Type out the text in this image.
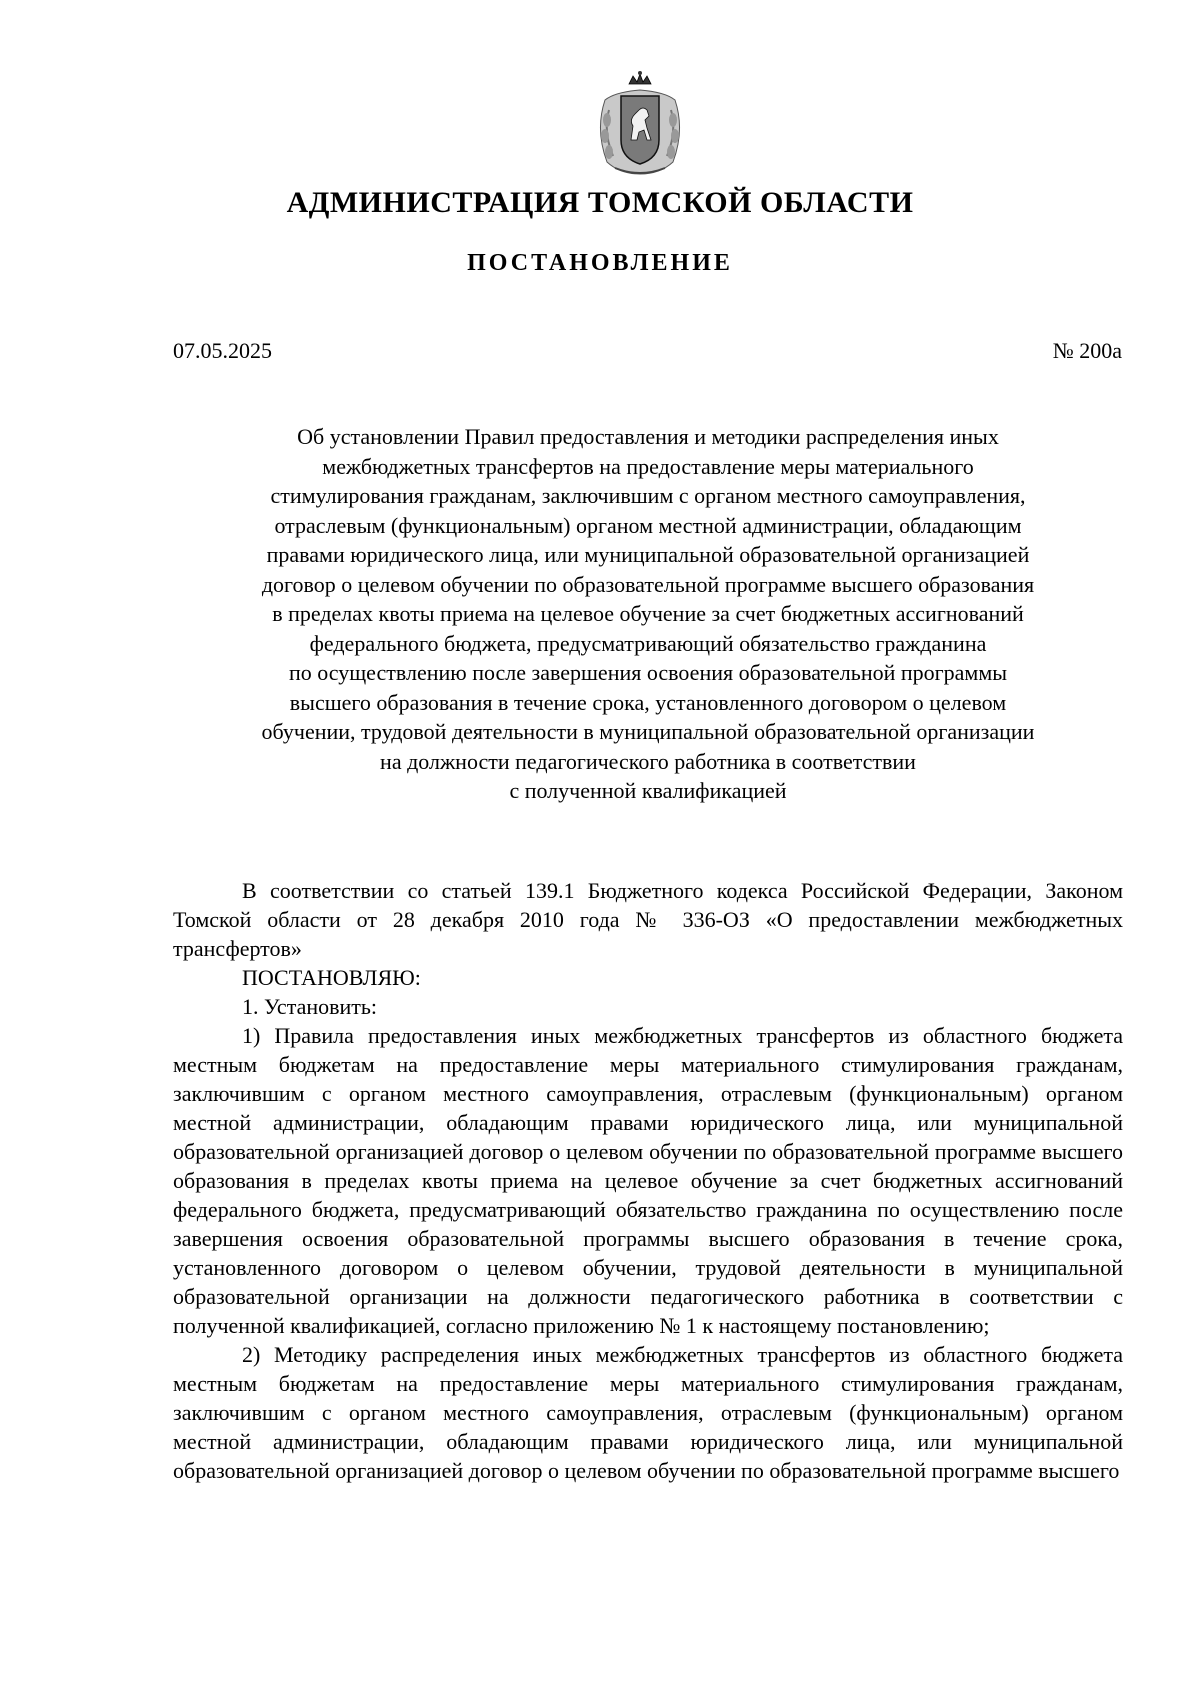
АДМИНИСТРАЦИЯ ТОМСКОЙ ОБЛАСТИ
ПОСТАНОВЛЕНИЕ
07.05.2025	№ 200а
Об установлении Правил предоставления и методики распределения иных
межбюджетных трансфертов на предоставление меры материального
стимулирования гражданам, заключившим с органом местного самоуправления,
отраслевым (функциональным) органом местной администрации, обладающим
правами юридического лица, или муниципальной образовательной организацией
договор о целевом обучении по образовательной программе высшего образования
в пределах квоты приема на целевое обучение за счет бюджетных ассигнований
федерального бюджета, предусматривающий обязательство гражданина
по осуществлению после завершения освоения образовательной программы
высшего образования в течение срока, установленного договором о целевом
обучении, трудовой деятельности в муниципальной образовательной организации
на должности педагогического работника в соответствии
с полученной квалификацией

В соответствии со статьей 139.1 Бюджетного кодекса Российской Федерации, Законом Томской области от 28 декабря 2010 года № 336-ОЗ «О предоставлении межбюджетных трансфертов»

ПОСТАНОВЛЯЮ:

1. Установить:

1) Правила предоставления иных межбюджетных трансфертов из областного бюджета местным бюджетам на предоставление меры материального стимулирования гражданам, заключившим с органом местного самоуправления, отраслевым (функциональным) органом местной администрации, обладающим правами юридического лица, или муниципальной образовательной организацией договор о целевом обучении по образовательной программе высшего образования в пределах квоты приема на целевое обучение за счет бюджетных ассигнований федерального бюджета, предусматривающий обязательство гражданина по осуществлению после завершения освоения образовательной программы высшего образования в течение срока, установленного договором о целевом обучении, трудовой деятельности в муниципальной образовательной организации на должности педагогического работника в соответствии с полученной квалификацией, согласно приложению № 1 к настоящему постановлению;

2) Методику распределения иных межбюджетных трансфертов из областного бюджета местным бюджетам на предоставление меры материального стимулирования гражданам, заключившим с органом местного самоуправления, отраслевым (функциональным) органом местной администрации, обладающим правами юридического лица, или муниципальной образовательной организацией договор о целевом обучении по образовательной программе высшего
